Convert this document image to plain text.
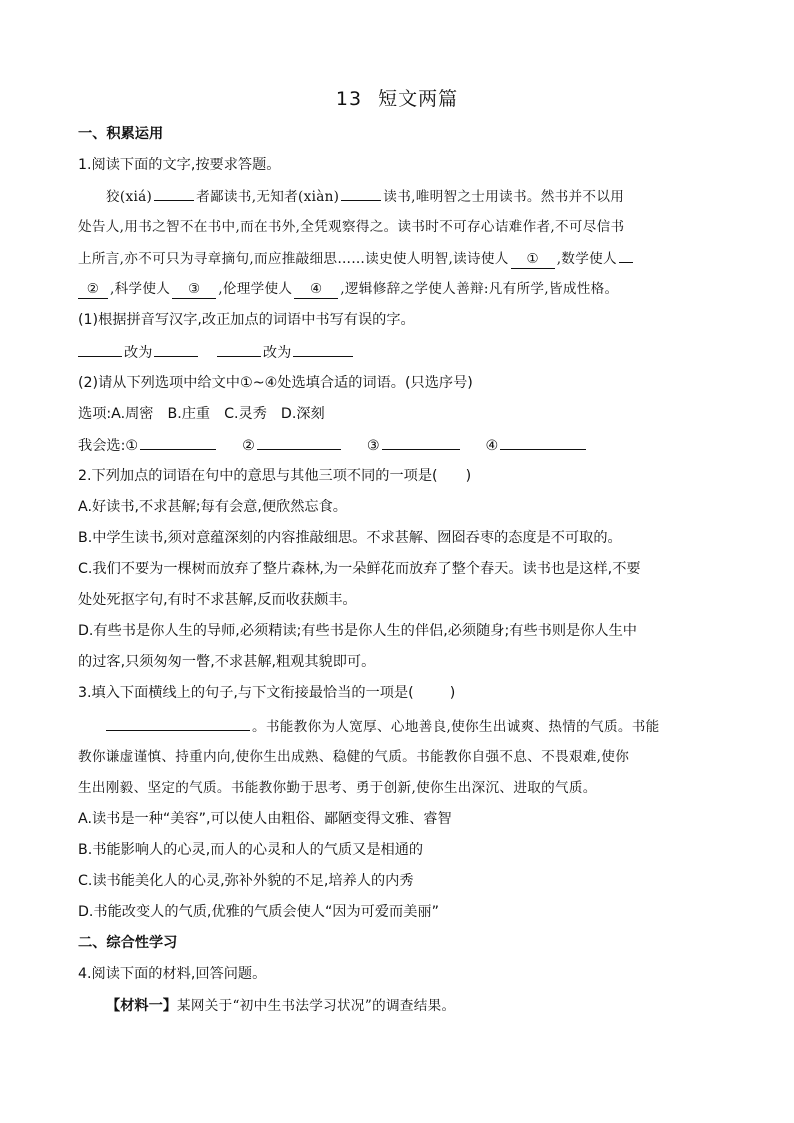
13 短文两篇
一、积累运用
1.阅读下面的文字,按要求答题。
狡(xiá)	者鄙读书,无知者(xiàn)	读书,唯明智之士用读书。然书并不以用
处告人,用书之智不在书中,而在书外,全凭观察得之。读书时不可存心诘难作者,不可尽信书
上所言,亦不可只为寻章摘句,而应推敲细思……读史使人明智,读诗使人 ① ,数学使人
② ,科学使人 ③ ,伦理学使人 ④ ,逻辑修辞之学使人善辩:凡有所学,皆成性格。
(1)根据拼音写汉字,改正加点的词语中书写有误的字。
改为	改为
(2)请从下列选项中给文中①~④处选填合适的词语。(只选序号)
选项:A.周密 B.庄重 C.灵秀 D.深刻
我会选:①	②	③	④
2.下列加点的词语在句中的意思与其他三项不同的一项是( )
A.好读书,不求甚解;每有会意,便欣然忘食。
B.中学生读书,须对意蕴深刻的内容推敲细思。不求甚解、囫囵吞枣的态度是不可取的。
C.我们不要为一棵树而放弃了整片森林,为一朵鲜花而放弃了整个春天。读书也是这样,不要
处处死抠字句,有时不求甚解,反而收获颇丰。
D.有些书是你人生的导师,必须精读;有些书是你人生的伴侣,必须随身;有些书则是你人生中
的过客,只须匆匆一瞥,不求甚解,粗观其貌即可。
3.填入下面横线上的句子,与下文衔接最恰当的一项是(	)
。书能教你为人宽厚、心地善良,使你生出诚爽、热情的气质。书能
教你谦虚谨慎、持重内向,使你生出成熟、稳健的气质。书能教你自强不息、不畏艰难,使你
生出刚毅、坚定的气质。书能教你勤于思考、勇于创新,使你生出深沉、进取的气质。
A.读书是一种“美容”,可以使人由粗俗、鄙陋变得文雅、睿智
B.书能影响人的心灵,而人的心灵和人的气质又是相通的
C.读书能美化人的心灵,弥补外貌的不足,培养人的内秀
D.书能改变人的气质,优雅的气质会使人“因为可爱而美丽”
二、综合性学习
4.阅读下面的材料,回答问题。
【材料一】某网关于“初中生书法学习状况”的调查结果。
